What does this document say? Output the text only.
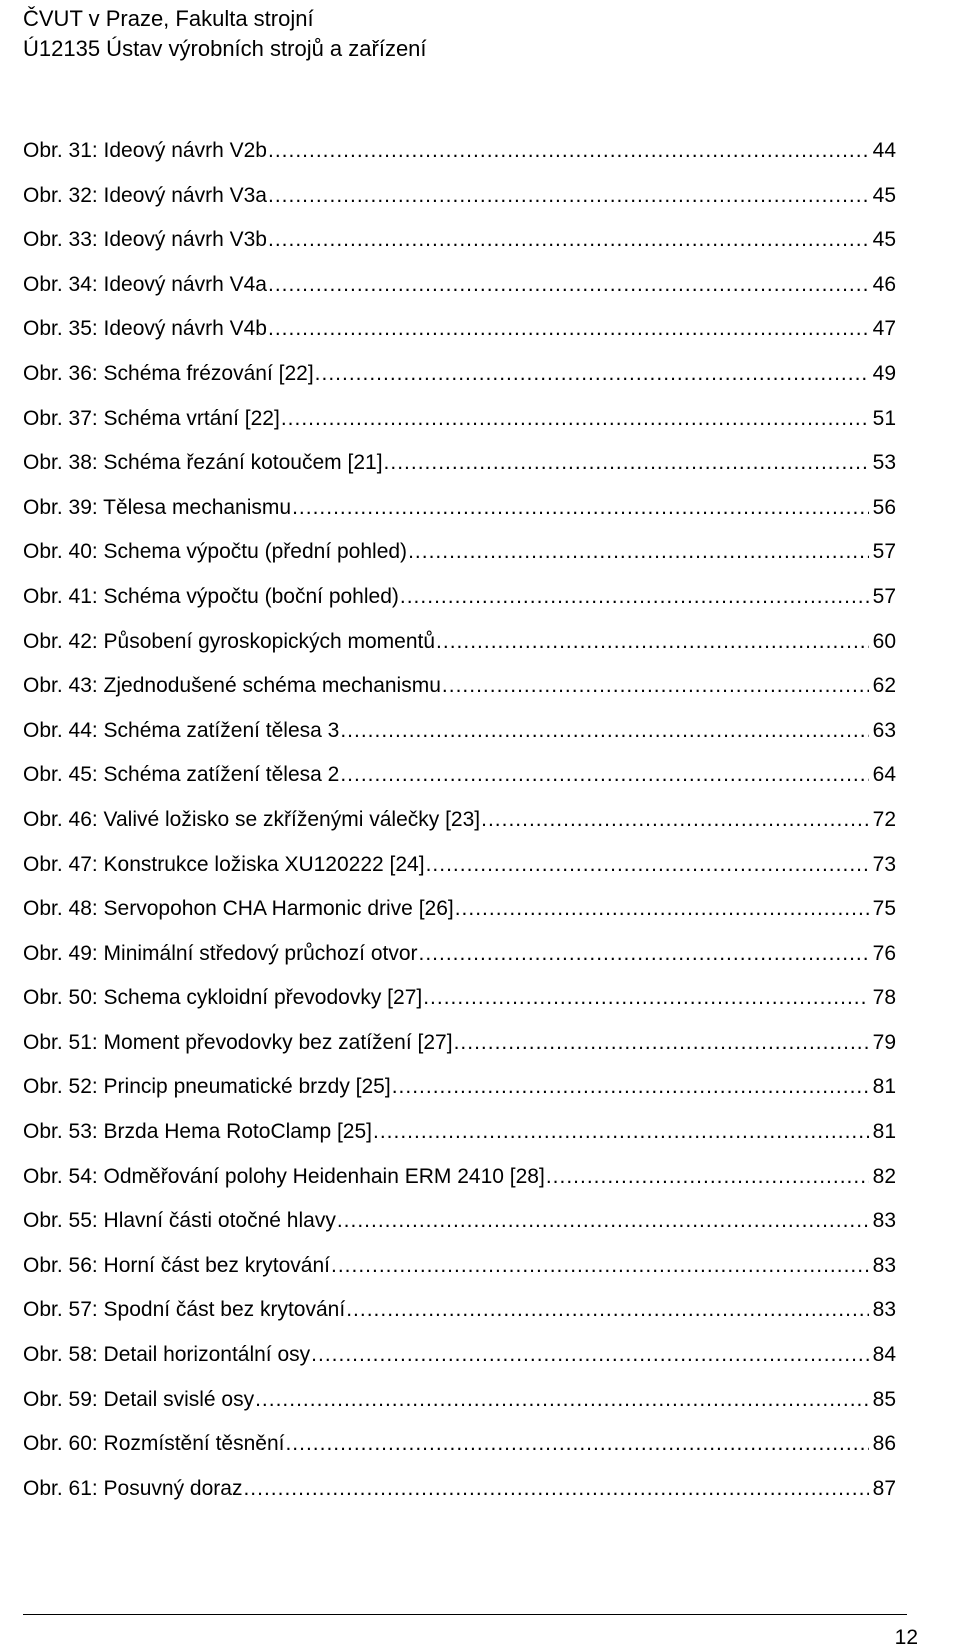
ČVUT v Praze, Fakulta strojní
Ú12135 Ústav výrobních strojů a zařízení
Obr. 31: Ideový návrh V2b .....	44
Obr. 32: Ideový návrh V3a .....	45
Obr. 33: Ideový návrh V3b .....	45
Obr. 34: Ideový návrh V4a .....	46
Obr. 35: Ideový návrh V4b .....	47
Obr. 36: Schéma frézování [22] .....	49
Obr. 37: Schéma vrtání [22] .....	51
Obr. 38: Schéma řezání kotoučem [21] .....	53
Obr. 39: Tělesa mechanismu .....	56
Obr. 40: Schema výpočtu (přední pohled) .....	57
Obr. 41: Schéma výpočtu (boční pohled) .....	57
Obr. 42: Působení gyroskopických momentů .....	60
Obr. 43: Zjednodušené schéma mechanismu .....	62
Obr. 44: Schéma zatížení tělesa 3 .....	63
Obr. 45: Schéma zatížení tělesa 2 .....	64
Obr. 46: Valivé ložisko se zkříženými válečky [23] .....	72
Obr. 47: Konstrukce ložiska XU120222 [24] .....	73
Obr. 48: Servopohon CHA Harmonic drive [26] .....	75
Obr. 49: Minimální středový průchozí otvor .....	76
Obr. 50: Schema cykloidní převodovky [27] .....	78
Obr. 51: Moment převodovky bez zatížení [27] .....	79
Obr. 52: Princip pneumatické brzdy [25] .....	81
Obr. 53: Brzda Hema RotoClamp [25] .....	81
Obr. 54: Odměřování polohy Heidenhain ERM 2410 [28] .....	82
Obr. 55: Hlavní části otočné hlavy .....	83
Obr. 56: Horní část bez krytování .....	83
Obr. 57: Spodní část bez krytování .....	83
Obr. 58: Detail horizontální osy .....	84
Obr. 59: Detail svislé osy .....	85
Obr. 60: Rozmístění těsnění .....	86
Obr. 61: Posuvný doraz .....	87
12
